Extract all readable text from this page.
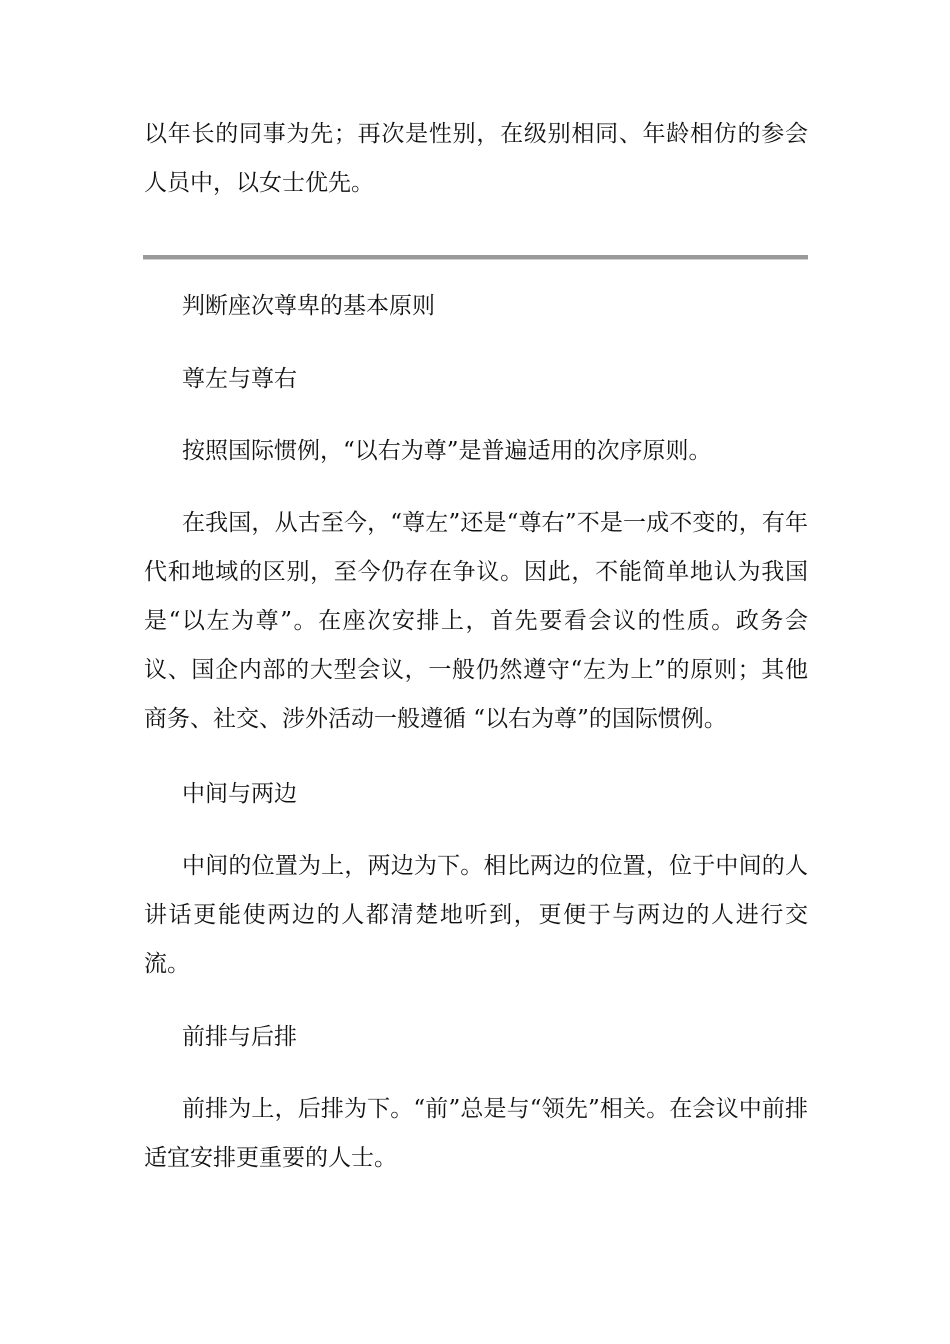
以年长的同事为先；再次是性别，在级别相同、年龄相仿的参会人员中，以女士优先。

判断座次尊卑的基本原则

尊左与尊右

按照国际惯例，“以右为尊”是普遍适用的次序原则。

在我国，从古至今，“尊左”还是“尊右”不是一成不变的，有年代和地域的区别，至今仍存在争议。因此，不能简单地认为我国是“以左为尊”。在座次安排上，首先要看会议的性质。政务会议、国企内部的大型会议，一般仍然遵守“左为上”的原则；其他商务、社交、涉外活动一般遵循 “以右为尊”的国际惯例。

中间与两边

中间的位置为上，两边为下。相比两边的位置，位于中间的人讲话更能使两边的人都清楚地听到，更便于与两边的人进行交流。

前排与后排

前排为上，后排为下。“前”总是与“领先”相关。在会议中前排适宜安排更重要的人士。
